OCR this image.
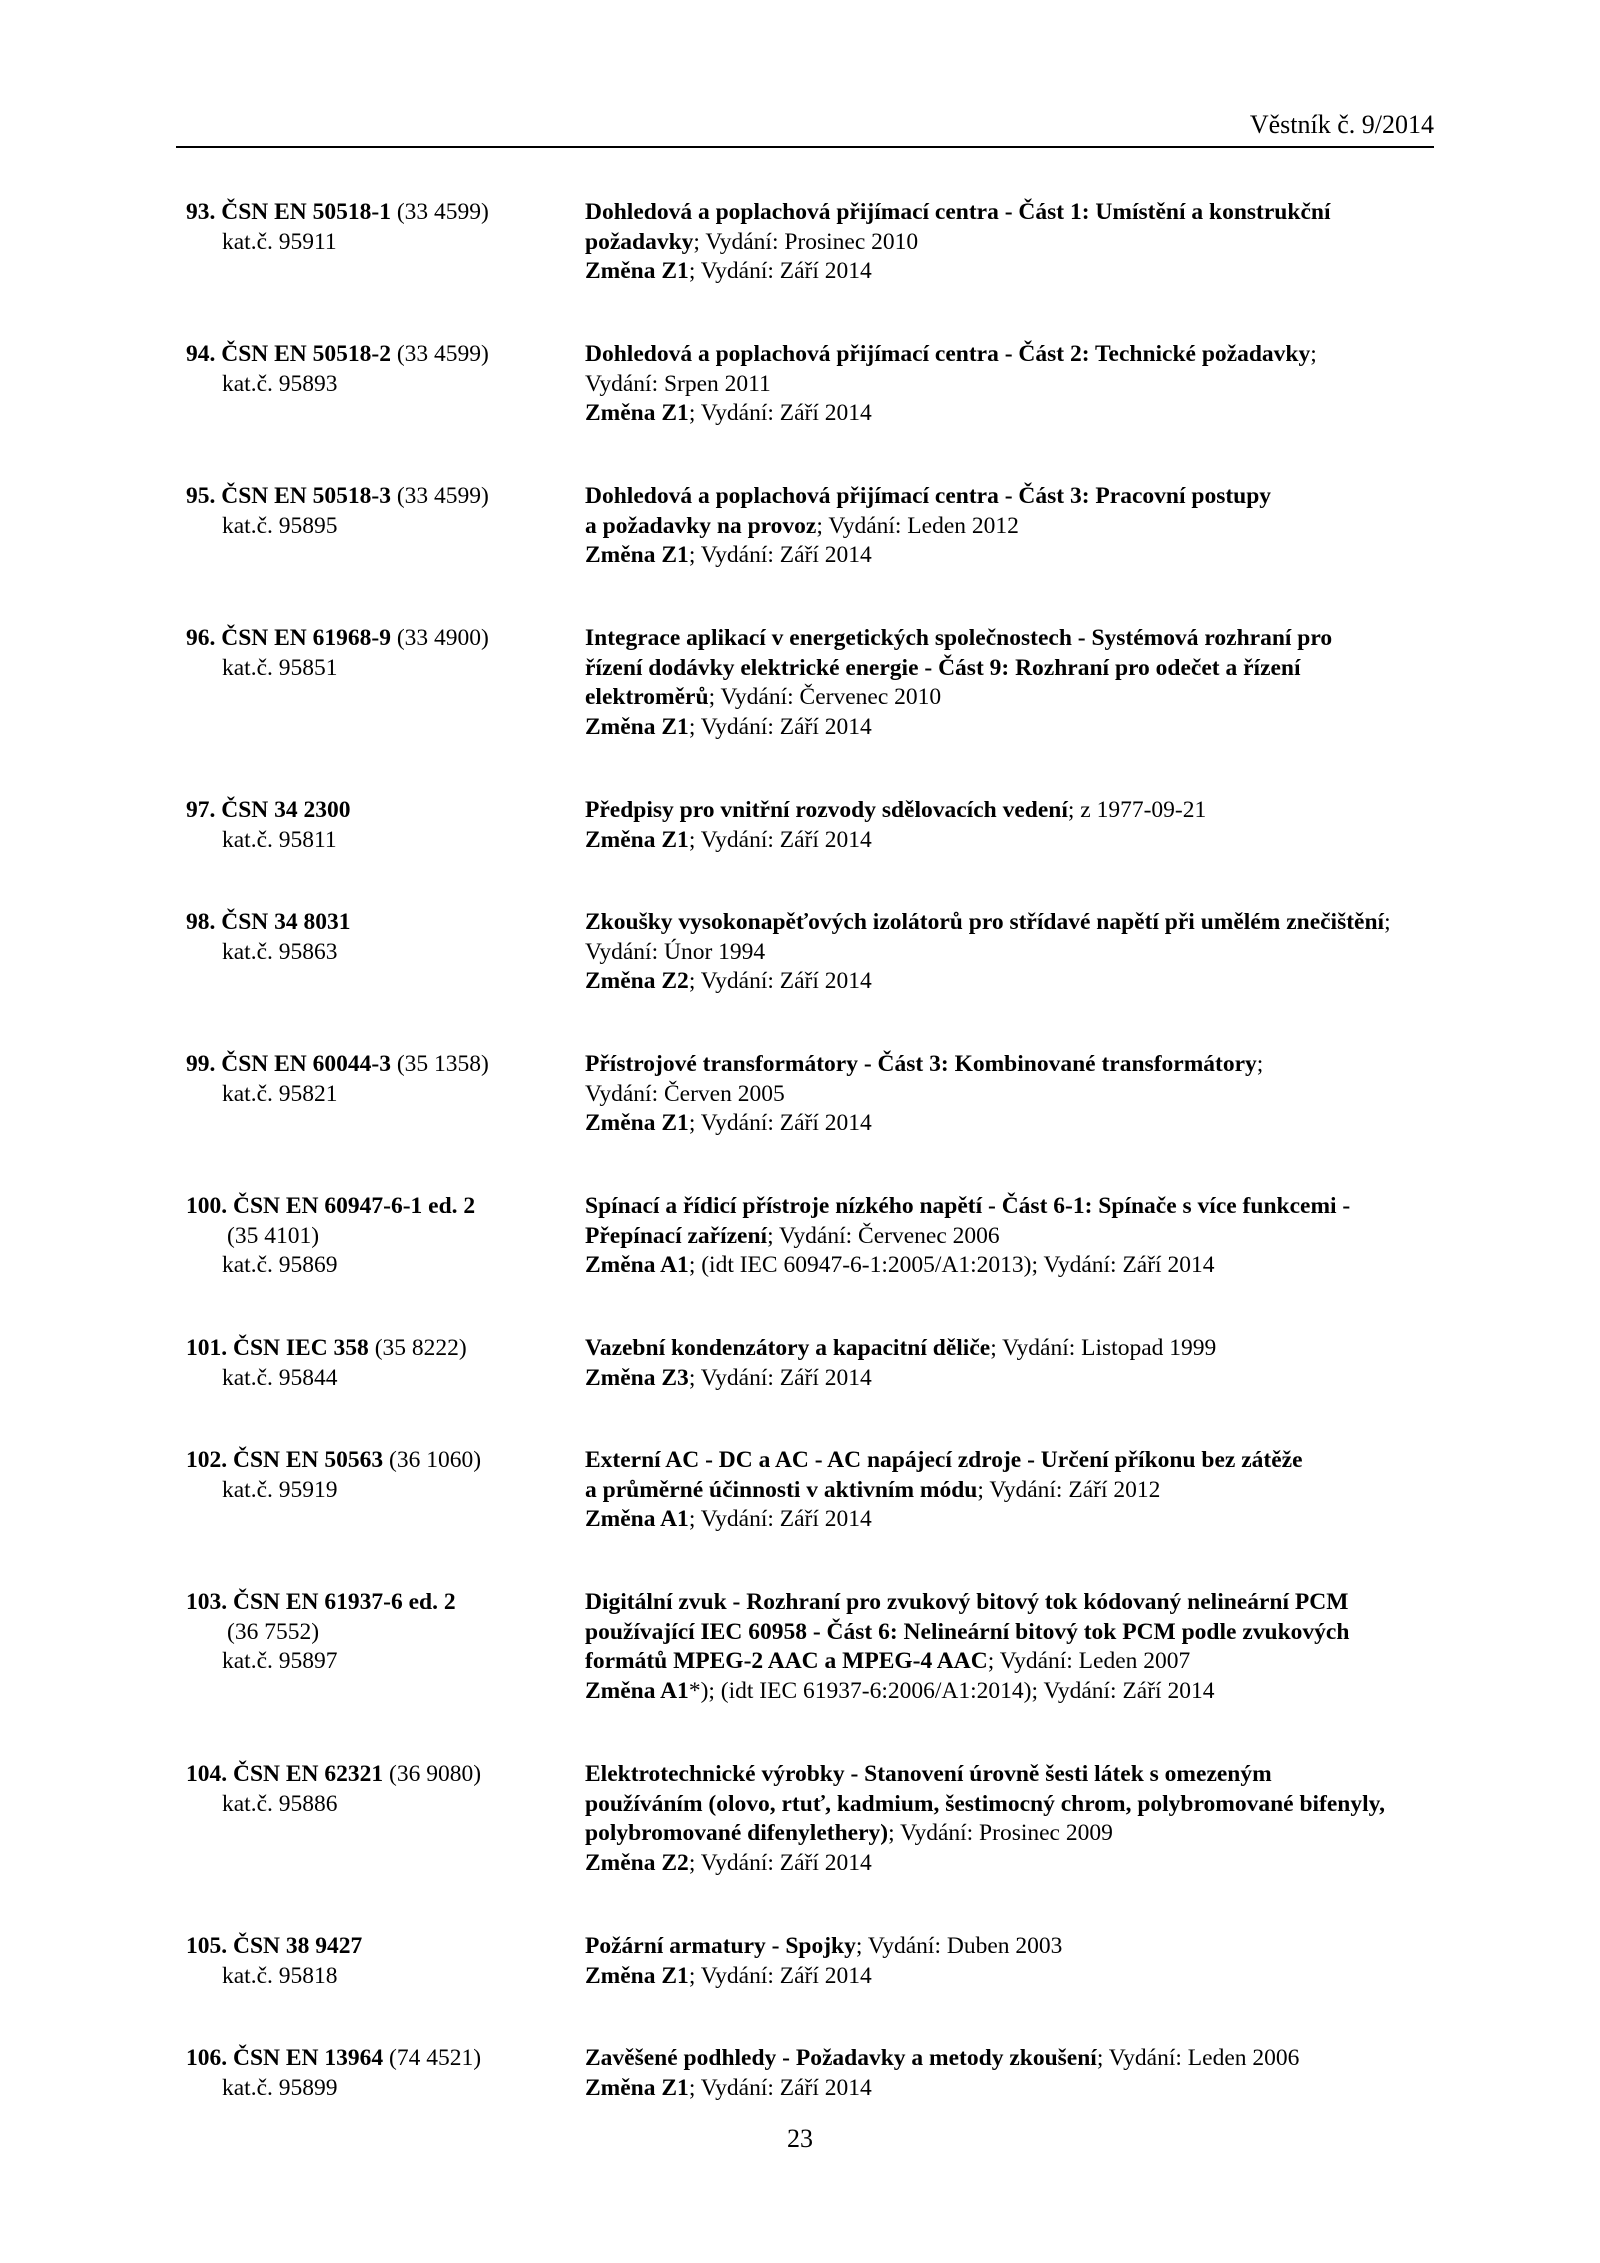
Věstník č. 9/2014
93. ČSN EN 50518-1 (33 4599)
kat.č. 95911
Dohledová a poplachová přijímací centra - Část 1: Umístění a konstrukční
požadavky; Vydání: Prosinec 2010
Změna Z1; Vydání: Září 2014
94. ČSN EN 50518-2 (33 4599)
kat.č. 95893
Dohledová a poplachová přijímací centra - Část 2: Technické požadavky;
Vydání: Srpen 2011
Změna Z1; Vydání: Září 2014
95. ČSN EN 50518-3 (33 4599)
kat.č. 95895
Dohledová a poplachová přijímací centra - Část 3: Pracovní postupy
a požadavky na provoz; Vydání: Leden 2012
Změna Z1; Vydání: Září 2014
96. ČSN EN 61968-9 (33 4900)
kat.č. 95851
Integrace aplikací v energetických společnostech - Systémová rozhraní pro
řízení dodávky elektrické energie - Část 9: Rozhraní pro odečet a řízení
elektroměrů; Vydání: Červenec 2010
Změna Z1; Vydání: Září 2014
97. ČSN 34 2300
kat.č. 95811
Předpisy pro vnitřní rozvody sdělovacích vedení; z 1977-09-21
Změna Z1; Vydání: Září 2014
98. ČSN 34 8031
kat.č. 95863
Zkoušky vysokonapěťových izolátorů pro střídavé napětí při umělém znečištění;
Vydání: Únor 1994
Změna Z2; Vydání: Září 2014
99. ČSN EN 60044-3 (35 1358)
kat.č. 95821
Přístrojové transformátory - Část 3: Kombinované transformátory;
Vydání: Červen 2005
Změna Z1; Vydání: Září 2014
100. ČSN EN 60947-6-1 ed. 2
(35 4101)
kat.č. 95869
Spínací a řídicí přístroje nízkého napětí - Část 6-1: Spínače s více funkcemi -
Přepínací zařízení; Vydání: Červenec 2006
Změna A1; (idt IEC 60947-6-1:2005/A1:2013); Vydání: Září 2014
101. ČSN IEC 358 (35 8222)
kat.č. 95844
Vazební kondenzátory a kapacitní děliče; Vydání: Listopad 1999
Změna Z3; Vydání: Září 2014
102. ČSN EN 50563 (36 1060)
kat.č. 95919
Externí AC - DC a AC - AC napájecí zdroje - Určení příkonu bez zátěže
a průměrné účinnosti v aktivním módu; Vydání: Září 2012
Změna A1; Vydání: Září 2014
103. ČSN EN 61937-6 ed. 2
(36 7552)
kat.č. 95897
Digitální zvuk - Rozhraní pro zvukový bitový tok kódovaný nelineární PCM
používající IEC 60958 - Část 6: Nelineární bitový tok PCM podle zvukových
formátů MPEG-2 AAC a MPEG-4 AAC; Vydání: Leden 2007
Změna A1*); (idt IEC 61937-6:2006/A1:2014); Vydání: Září 2014
104. ČSN EN 62321 (36 9080)
kat.č. 95886
Elektrotechnické výrobky - Stanovení úrovně šesti látek s omezeným
používáním (olovo, rtuť, kadmium, šestimocný chrom, polybromované bifenyly,
polybromované difenylethery); Vydání: Prosinec 2009
Změna Z2; Vydání: Září 2014
105. ČSN 38 9427
kat.č. 95818
Požární armatury - Spojky; Vydání: Duben 2003
Změna Z1; Vydání: Září 2014
106. ČSN EN 13964 (74 4521)
kat.č. 95899
Zavěšené podhledy - Požadavky a metody zkoušení; Vydání: Leden 2006
Změna Z1; Vydání: Září 2014
23
